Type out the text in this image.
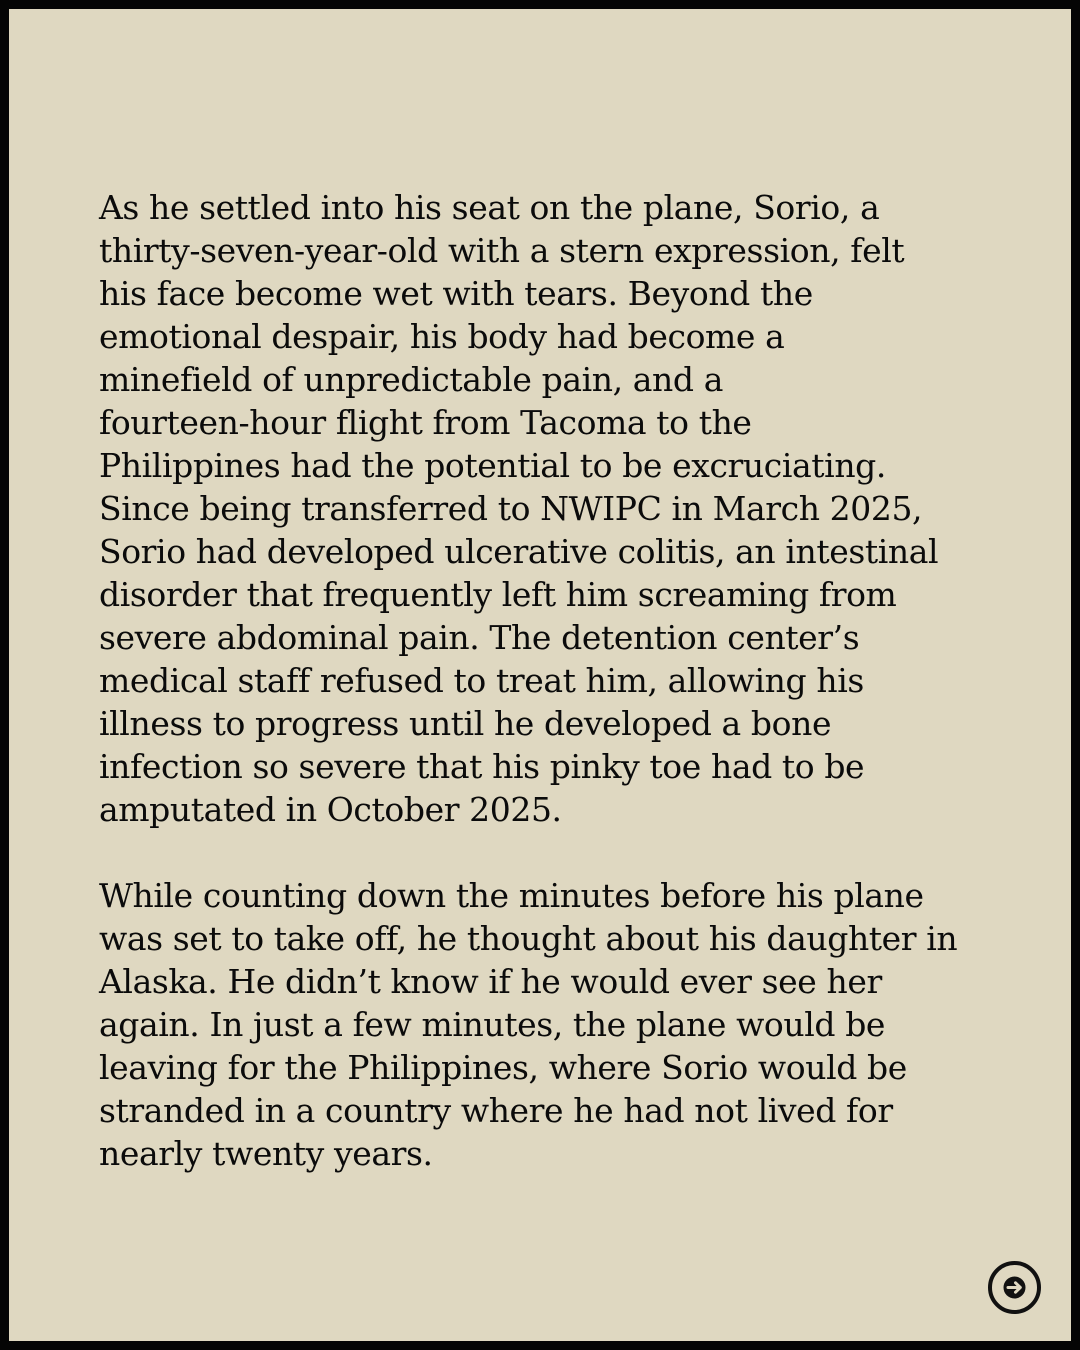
As he settled into his seat on the plane, Sorio, a
thirty-seven-year-old with a stern expression, felt
his face become wet with tears. Beyond the
emotional despair, his body had become a
minefield of unpredictable pain, and a
fourteen-hour flight from Tacoma to the
Philippines had the potential to be excruciating.
Since being transferred to NWIPC in March 2025,
Sorio had developed ulcerative colitis, an intestinal
disorder that frequently left him screaming from
severe abdominal pain. The detention center’s
medical staff refused to treat him, allowing his
illness to progress until he developed a bone
infection so severe that his pinky toe had to be
amputated in October 2025.
While counting down the minutes before his plane
was set to take off, he thought about his daughter in
Alaska. He didn’t know if he would ever see her
again. In just a few minutes, the plane would be
leaving for the Philippines, where Sorio would be
stranded in a country where he had not lived for
nearly twenty years.
